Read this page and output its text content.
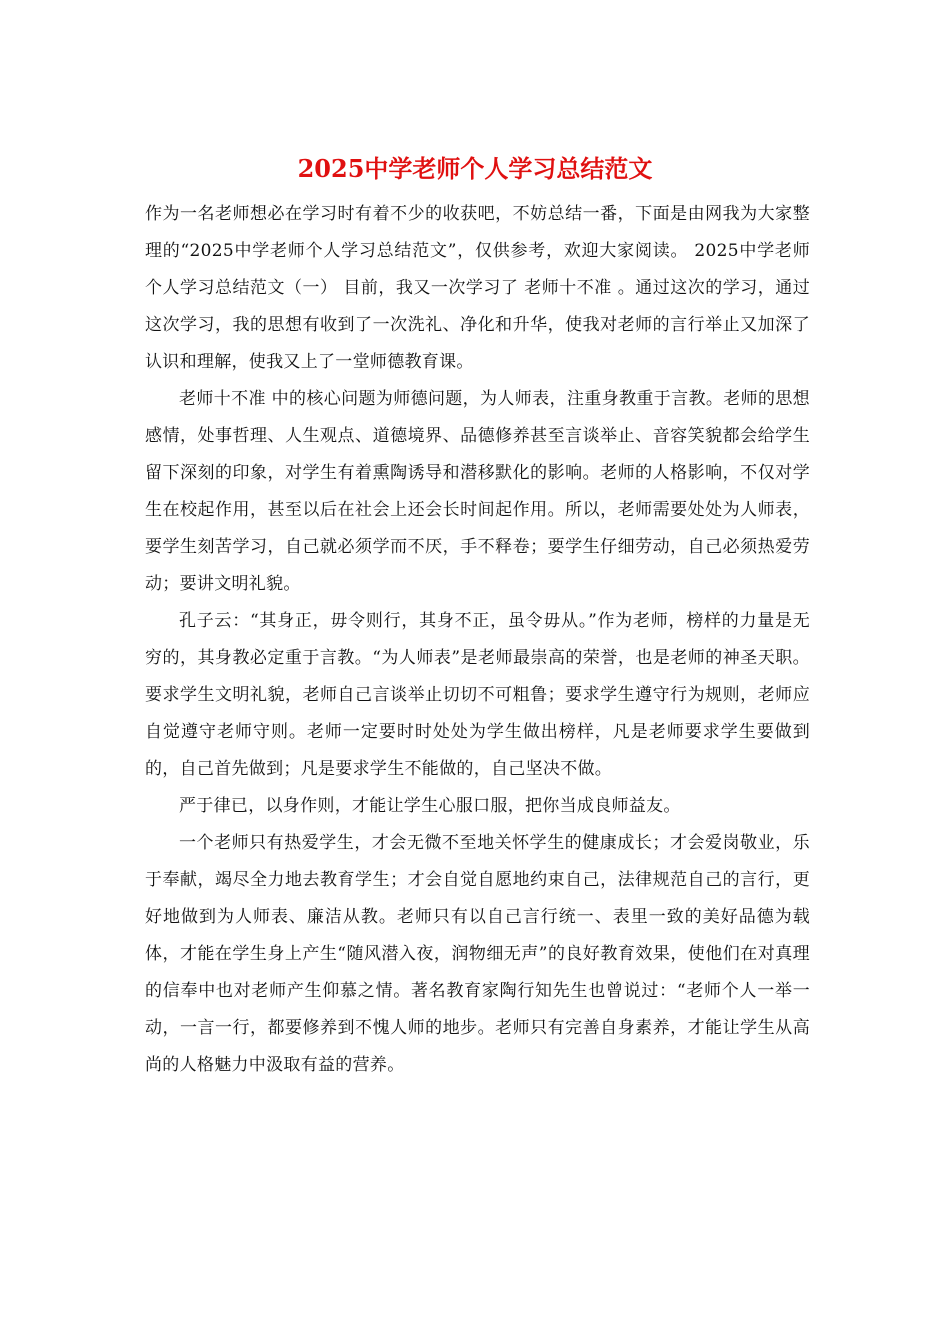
2025中学老师个人学习总结范文

作为一名老师想必在学习时有着不少的收获吧，不妨总结一番，下面是由网我为大家整理的“2025中学老师个人学习总结范文”，仅供参考，欢迎大家阅读。 2025中学老师个人学习总结范文（一） 目前，我又一次学习了 老师十不准 。通过这次的学习，通过这次学习，我的思想有收到了一次洗礼、净化和升华，使我对老师的言行举止又加深了认识和理解，使我又上了一堂师德教育课。

老师十不准 中的核心问题为师德问题，为人师表，注重身教重于言教。老师的思想感情，处事哲理、人生观点、道德境界、品德修养甚至言谈举止、音容笑貌都会给学生留下深刻的印象，对学生有着熏陶诱导和潜移默化的影响。老师的人格影响，不仅对学生在校起作用，甚至以后在社会上还会长时间起作用。所以，老师需要处处为人师表，要学生刻苦学习，自己就必须学而不厌，手不释卷；要学生仔细劳动，自己必须热爱劳动；要讲文明礼貌。

孔子云：“其身正，毋令则行，其身不正，虽令毋从。”作为老师，榜样的力量是无穷的，其身教必定重于言教。“为人师表”是老师最崇高的荣誉，也是老师的神圣天职。要求学生文明礼貌，老师自己言谈举止切切不可粗鲁；要求学生遵守行为规则，老师应自觉遵守老师守则。老师一定要时时处处为学生做出榜样，凡是老师要求学生要做到的，自己首先做到；凡是要求学生不能做的，自己坚决不做。

严于律已，以身作则，才能让学生心服口服，把你当成良师益友。

一个老师只有热爱学生，才会无微不至地关怀学生的健康成长；才会爱岗敬业，乐于奉献，竭尽全力地去教育学生；才会自觉自愿地约束自己，法律规范自己的言行，更好地做到为人师表、廉洁从教。老师只有以自己言行统一、表里一致的美好品德为载体，才能在学生身上产生“随风潜入夜，润物细无声”的良好教育效果，使他们在对真理的信奉中也对老师产生仰慕之情。著名教育家陶行知先生也曾说过：“老师个人一举一动，一言一行，都要修养到不愧人师的地步。老师只有完善自身素养，才能让学生从高尚的人格魅力中汲取有益的营养。
